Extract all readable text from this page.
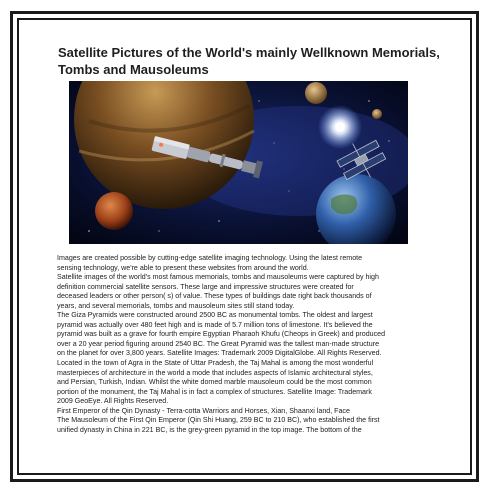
Satellite Pictures of the World's mainly Wellknown Memorials, Tombs and Mausoleums

Images are created possible by cutting-edge satellite imaging technology. Using the latest remote

sensing technology, we're able to present these websites from around the world.

Satellite images of the world's most famous memorials, tombs and mausoleums were captured by high

definition commercial satellite sensors. These large and impressive structures were created for

deceased leaders or other person( s) of value. These types of buildings date right back thousands of

years, and several memorials, tombs and mausoleum sites still stand today.

The Giza Pyramids were constructed around 2500 BC as monumental tombs. The oldest and largest

pyramid was actually over 480 feet high and is made of 5.7 million tons of limestone. It's believed the

pyramid was built as a grave for fourth empire Egyptian Pharaoh Khufu (Cheops in Greek) and produced

over a 20 year period figuring around 2540 BC. The Great Pyramid was the tallest man-made structure

on the planet for over 3,800 years. Satellite Images: Trademark 2009 DigitalGlobe. All Rights Reserved.

Located in the town of Agra in the State of Uttar Pradesh, the Taj Mahal is among the most wonderful

masterpieces of architecture in the world a mode that includes aspects of Islamic architectural styles,

and Persian, Turkish, Indian. Whilst the white domed marble mausoleum could be the most common

portion of the monument, the Taj Mahal is in fact a complex of structures. Satellite Image: Trademark

2009 GeoEye. All Rights Reserved.

First Emperor of the Qin Dynasty - Terra-cotta Warriors and Horses, Xian, Shaanxi land, Face

The Mausoleum of the First Qin Emperor (Qin Shi Huang, 259 BC to 210 BC), who established the first

unified dynasty in China in 221 BC, is the grey-green pyramid in the top image. The bottom of the
